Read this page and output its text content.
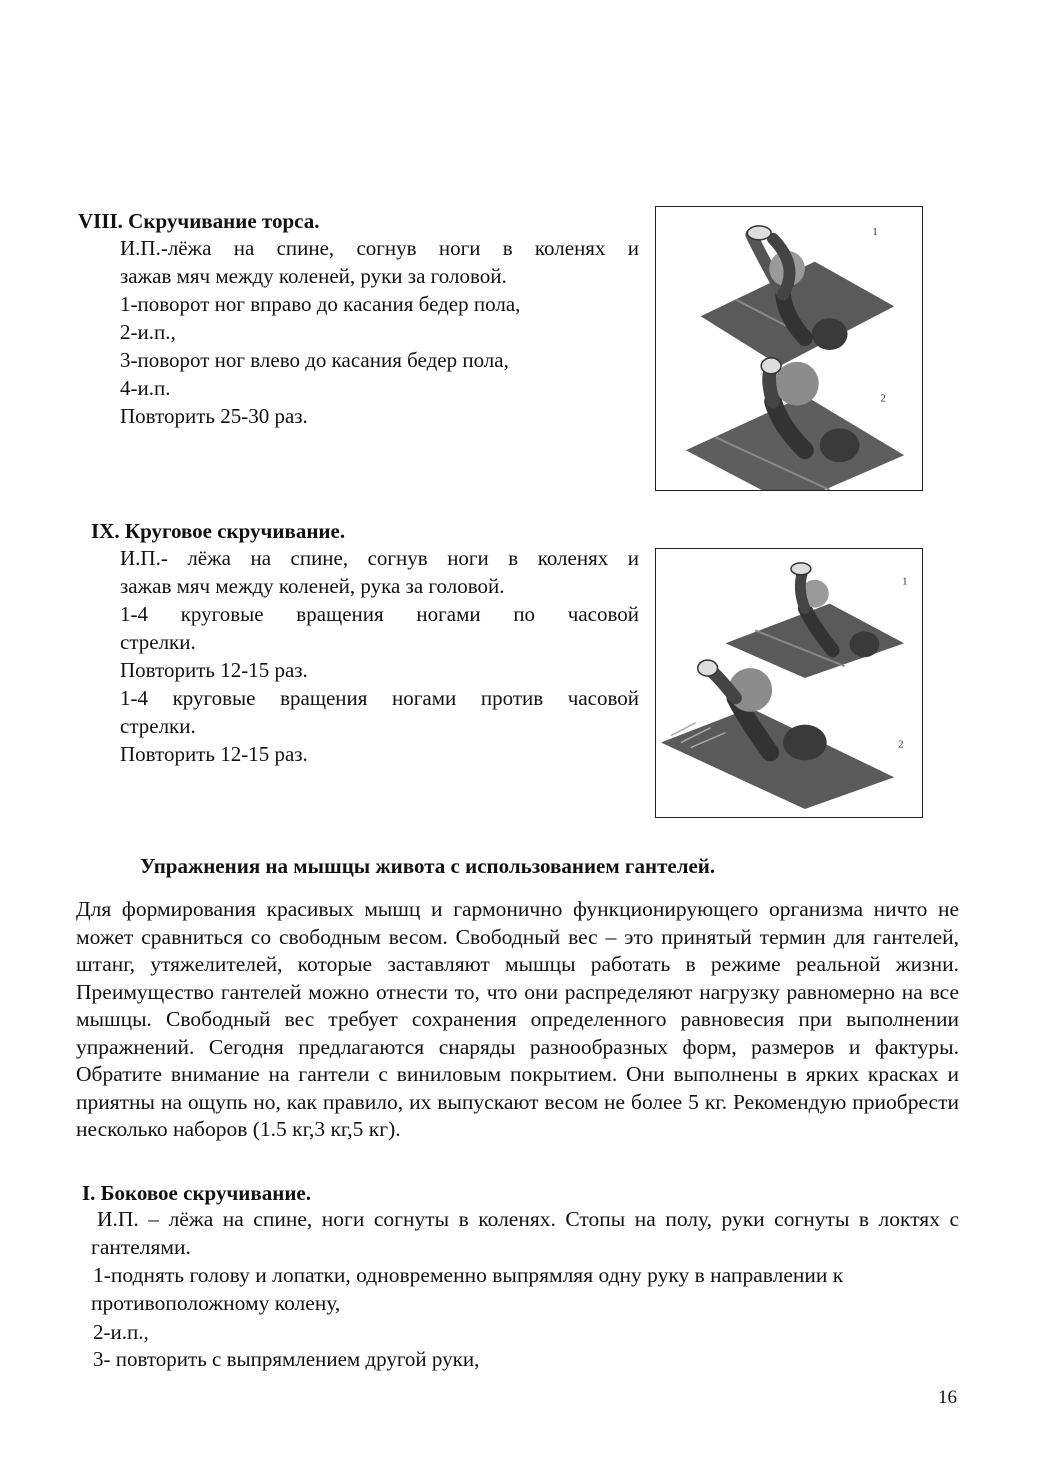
VIII. Скручивание торса.
И.П.-лёжа на спине, согнув ноги в коленях и
зажав мяч между коленей, руки за головой.
1-поворот ног вправо до касания бедер пола,
2-и.п.,
3-поворот ног влево до касания бедер пола,
4-и.п.
Повторить 25-30 раз.
1
2
IX. Круговое скручивание.
И.П.- лёжа на спине, согнув ноги в коленях и
зажав мяч между коленей, рука за головой.
1-4 круговые вращения ногами по часовой
стрелки.
Повторить 12-15 раз.
1-4 круговые вращения ногами против часовой
стрелки.
Повторить 12-15 раз.
1
2
Упражнения на мышцы живота с использованием гантелей.
Для формирования красивых мышц и гармонично функционирующего организма ничто не может сравниться со свободным весом. Свободный вес – это принятый термин для гантелей, штанг, утяжелителей, которые заставляют мышцы работать в режиме реальной жизни. Преимущество гантелей можно отнести то, что они распределяют нагрузку равномерно на все мышцы. Свободный вес требует сохранения определенного равновесия при выполнении упражнений. Сегодня предлагаются снаряды разнообразных форм, размеров и фактуры. Обратите внимание на гантели с виниловым покрытием. Они выполнены в ярких красках и приятны на ощупь но, как правило, их выпускают весом не более 5 кг. Рекомендую приобрести несколько наборов (1.5 кг,3 кг,5 кг).
I. Боковое скручивание.
И.П. – лёжа на спине, ноги согнуты в коленях. Стопы на полу, руки согнуты в локтях с гантелями.
1-поднять голову и лопатки, одновременно выпрямляя одну руку в направлении к противоположному колену,
2-и.п.,
3- повторить с выпрямлением другой руки,
16
